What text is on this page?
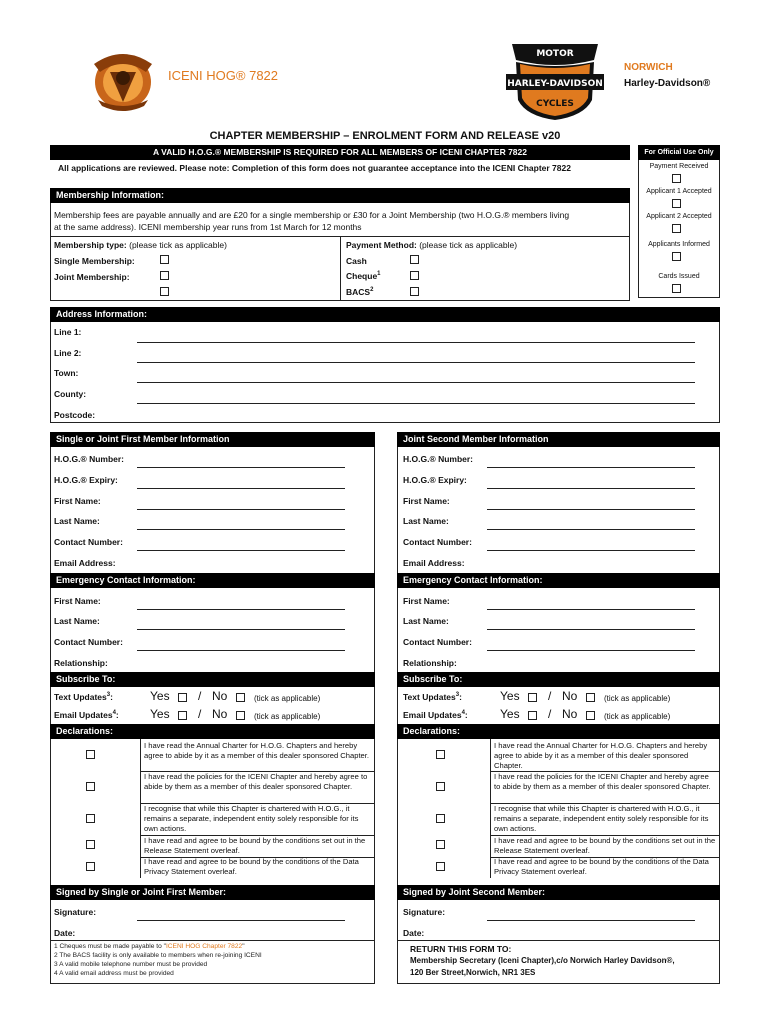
ICENI HOG® 7822
MOTOR
HARLEY-DAVIDSON
CYCLES
NORWICH
Harley-Davidson®
CHAPTER MEMBERSHIP – ENROLMENT FORM AND RELEASE v20
A VALID H.O.G.® MEMBERSHIP IS REQUIRED FOR ALL MEMBERS OF ICENI CHAPTER 7822
All applications are reviewed. Please note: Completion of this form does not guarantee acceptance into the ICENI Chapter 7822
For Official Use Only
Payment Received
Applicant 1 Accepted
Applicant 2 Accepted
Applicants Informed
Cards Issued
Membership Information:
Membership fees are payable annually and are £20 for a single membership or £30 for a Joint Membership (two H.O.G.® members living at the same address). ICENI membership year runs from 1st March for 12 months
Membership type: (please tick as applicable)
Single Membership:
Joint Membership:
Payment Method: (please tick as applicable)
Cash
Cheque$^1$
BACS$^2$
Address Information:
Line 1:
Line 2:
Town:
County:
Postcode:
Single or Joint First Member Information
H.O.G.® Number:
H.O.G.® Expiry:
First Name:
Last Name:
Contact Number:
Email Address:
Emergency Contact Information:
First Name:
Last Name:
Contact Number:
Relationship:
Subscribe To:
Text Updates$^3$:	Yes / No	(tick as applicable)
Email Updates$^4$:	Yes / No	(tick as applicable)
Declarations:
I have read the Annual Charter for H.O.G. Chapters and hereby agree to abide by it as a member of this dealer sponsored Chapter.
I have read the policies for the ICENI Chapter and hereby agree to abide by them as a member of this dealer sponsored Chapter.
I recognise that while this Chapter is chartered with H.O.G., it remains a separate, independent entity solely responsible for its own actions.
I have read and agree to be bound by the conditions set out in the Release Statement overleaf.
I have read and agree to be bound by the conditions of the Data Privacy Statement overleaf.
Signed by Single or Joint First Member:
Signature:
Date:
Joint Second Member Information
H.O.G.® Number:
H.O.G.® Expiry:
First Name:
Last Name:
Contact Number:
Email Address:
Emergency Contact Information:
First Name:
Last Name:
Contact Number:
Relationship:
Subscribe To:
Text Updates$^3$:	Yes / No	(tick as applicable)
Email Updates$^4$:	Yes / No	(tick as applicable)
Declarations:
I have read the Annual Charter for H.O.G. Chapters and hereby agree to abide by it as a member of this dealer sponsored Chapter.
I have read the policies for the ICENI Chapter and hereby agree to abide by them as a member of this dealer sponsored Chapter.
I recognise that while this Chapter is chartered with H.O.G., it remains a separate, independent entity solely responsible for its own actions.
I have read and agree to be bound by the conditions set out in the Release Statement overleaf.
I have read and agree to be bound by the conditions of the Data Privacy Statement overleaf.
Signed by Joint Second Member:
Signature:
Date:
1 Cheques must be made payable to "ICENI HOG Chapter 7822"
2 The BACS facility is only available to members when re-joining ICENI
3 A valid mobile telephone number must be provided
4 A valid email address must be provided
RETURN THIS FORM TO:
Membership Secretary (Iceni Chapter),c/o Norwich Harley Davidson®,
120 Ber Street,Norwich, NR1 3ES
